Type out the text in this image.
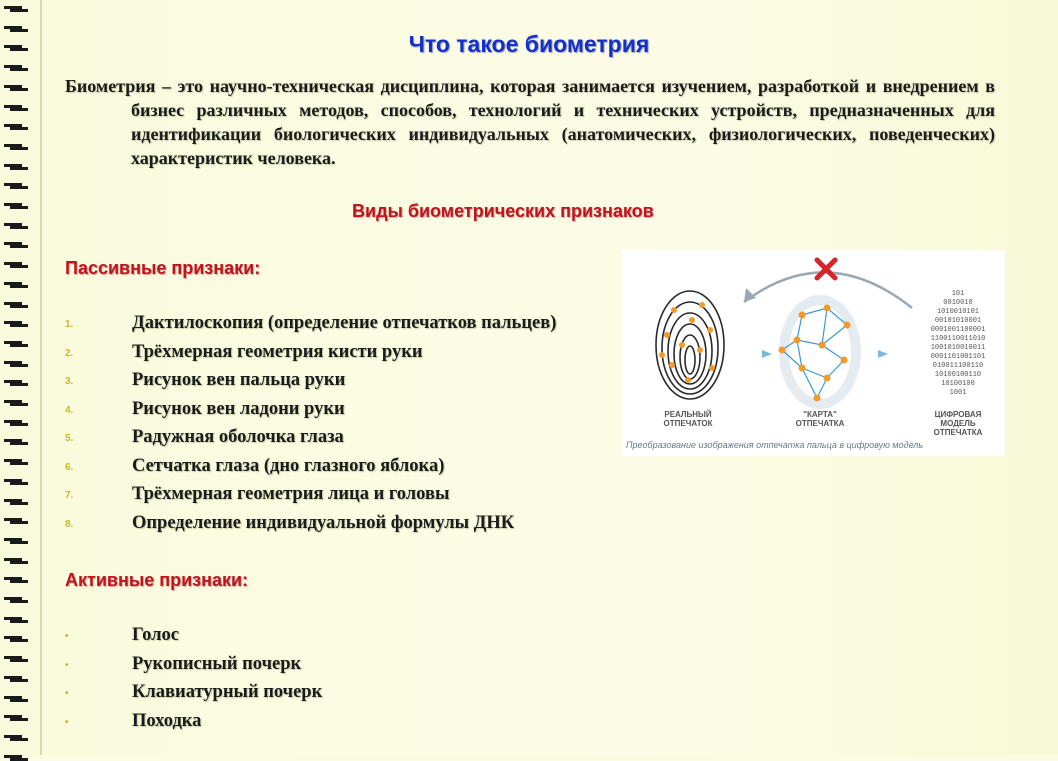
Что такое биометрия

Биометрия – это научно-техническая дисциплина, которая занимается изучением, разработкой и внедрением в бизнес различных методов, способов, технологий и технических устройств, предназначенных для идентификации биологических индивидуальных (анатомических, физиологических, поведенческих) характеристик человека.

Виды биометрических признаков
Пассивные признаки:
1.	Дактилоскопия (определение отпечатков пальцев)
2.	Трёхмерная геометрия кисти руки
3.	Рисунок вен пальца руки
4.	Рисунок вен ладони руки
5.	Радужная оболочка глаза
6.	Сетчатка глаза (дно глазного яблока)
7.	Трёхмерная геометрия лица и головы
8.	Определение индивидуальной формулы ДНК
Активные признаки:
•	Голос
•	Рукописный почерк
•	Клавиатурный почерк
•	Походка
101
0010010
1010010101
00101010001
0001001100001
1100110011010
1001010010011
0001101001101
010011100110
10100100110
10100100
1001
РЕАЛЬНЫЙ ОТПЕЧАТОК
"КАРТА" ОТПЕЧАТКА
ЦИФРОВАЯ МОДЕЛЬ ОТПЕЧАТКА
Преобразование изображения отпечатка пальца в цифровую модель
